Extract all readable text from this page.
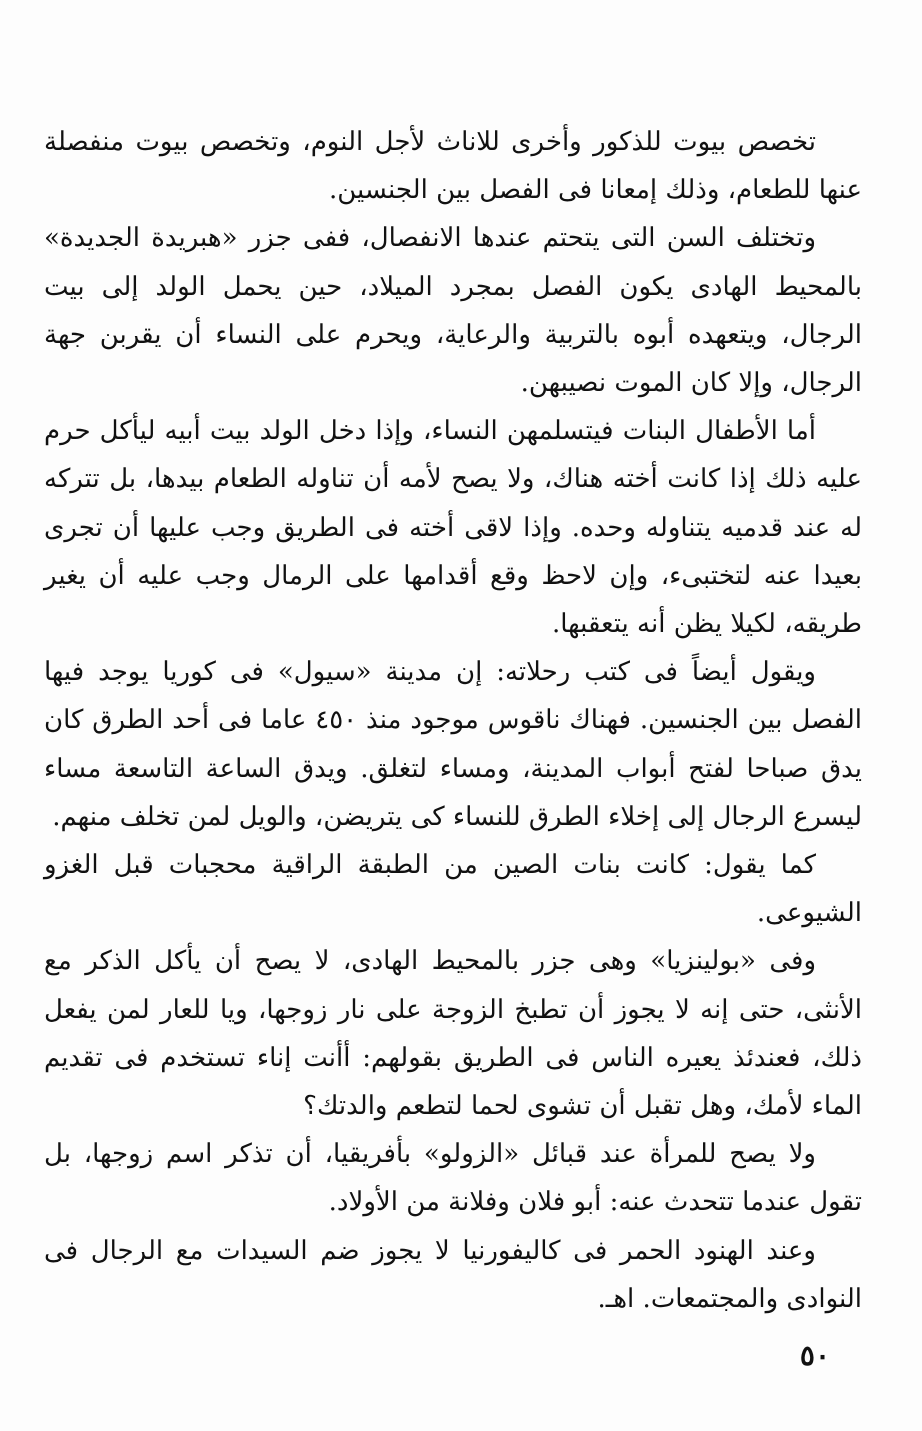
تخصص بيوت للذكور وأخرى للاناث لأجل النوم، وتخصص بيوت منفصلة عنها للطعام، وذلك إمعانا فى الفصل بين الجنسين.

وتختلف السن التى يتحتم عندها الانفصال، ففى جزر «هبريدة الجديدة» بالمحيط الهادى يكون الفصل بمجرد الميلاد، حين يحمل الولد إلى بيت الرجال، ويتعهده أبوه بالتربية والرعاية، ويحرم على النساء أن يقربن جهة الرجال، وإلا كان الموت نصيبهن.

أما الأطفال البنات فيتسلمهن النساء، وإذا دخل الولد بيت أبيه ليأكل حرم عليه ذلك إذا كانت أخته هناك، ولا يصح لأمه أن تناوله الطعام بيدها، بل تتركه له عند قدميه يتناوله وحده. وإذا لاقى أخته فى الطريق وجب عليها أن تجرى بعيدا عنه لتختبىء، وإن لاحظ وقع أقدامها على الرمال وجب عليه أن يغير طريقه، لكيلا يظن أنه يتعقبها.

ويقول أيضاً فى كتب رحلاته: إن مدينة «سيول» فى كوريا يوجد فيها الفصل بين الجنسين. فهناك ناقوس موجود منذ ٤٥٠ عاما فى أحد الطرق كان يدق صباحا لفتح أبواب المدينة، ومساء لتغلق. ويدق الساعة التاسعة مساء ليسرع الرجال إلى إخلاء الطرق للنساء كى يتريضن، والويل لمن تخلف منهم.

كما يقول: كانت بنات الصين من الطبقة الراقية محجبات قبل الغزو الشيوعى.

وفى «بولينزيا» وهى جزر بالمحيط الهادى، لا يصح أن يأكل الذكر مع الأنثى، حتى إنه لا يجوز أن تطبخ الزوجة على نار زوجها، ويا للعار لمن يفعل ذلك، فعندئذ يعيره الناس فى الطريق بقولهم: أأنت إناء تستخدم فى تقديم الماء لأمك، وهل تقبل أن تشوى لحما لتطعم والدتك؟

ولا يصح للمرأة عند قبائل «الزولو» بأفريقيا، أن تذكر اسم زوجها، بل تقول عندما تتحدث عنه: أبو فلان وفلانة من الأولاد.

وعند الهنود الحمر فى كاليفورنيا لا يجوز ضم السيدات مع الرجال فى النوادى والمجتمعات. اهـ.

٥٠
